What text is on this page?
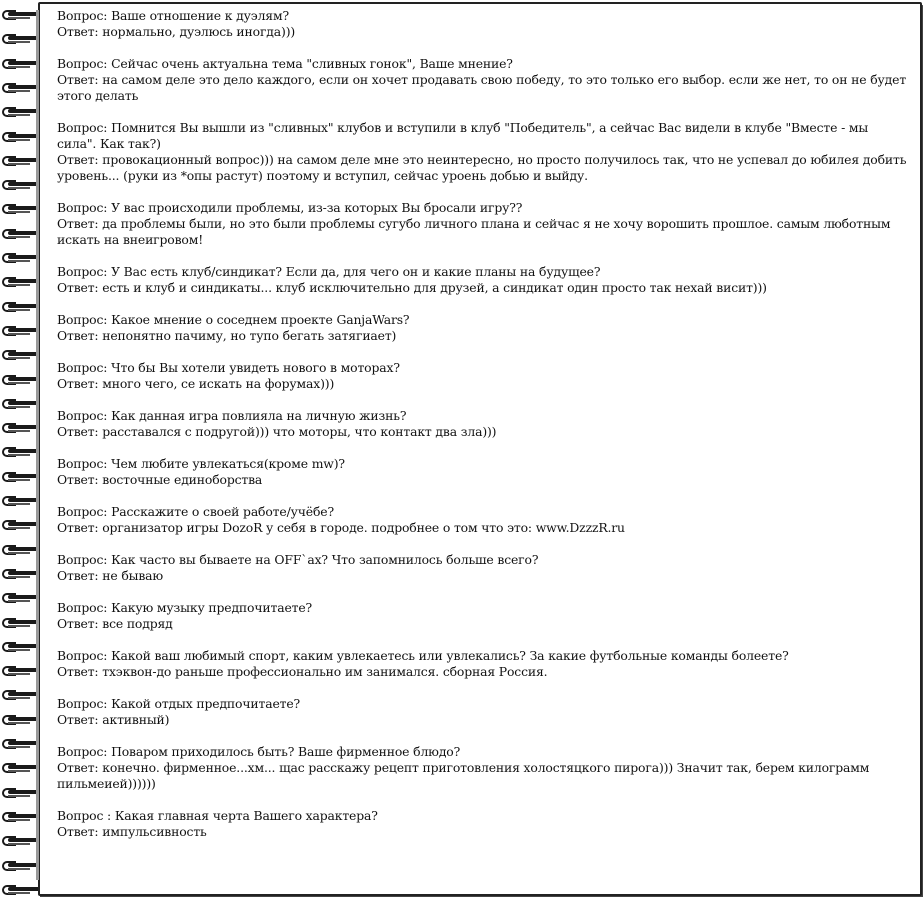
Вопрос: Ваше отношение к дуэлям?

Ответ: нормально, дуэлюсь иногда)))

Вопрос: Сейчас очень актуальна тема "сливных гонок", Ваше мнение?

Ответ: на самом деле это дело каждого, если он хочет продавать свою победу, то это только его выбор. если же нет, то он не будет этого делать

Вопрос: Помнится Вы вышли из "сливных" клубов и вступили в клуб "Победитель", а сейчас Вас видели в клубе "Вместе - мы сила". Как так?)

Ответ: провокационный вопрос))) на самом деле мне это неинтересно, но просто получилось так, что не успевал до юбилея добить уровень... (руки из *опы растут) поэтому и вступил, сейчас уроень добью и выйду.

Вопрос: У вас происходили проблемы, из-за которых Вы бросали игру??

Ответ: да проблемы были, но это были проблемы сугубо личного плана и сейчас я не хочу ворошить прошлое. самым люботным искать на внеигровом!

Вопрос: У Вас есть клуб/синдикат? Если да, для чего он и какие планы на будущее?

Ответ: есть и клуб и синдикаты... клуб исключительно для друзей, а синдикат один просто так нехай висит)))

Вопрос: Какое мнение о соседнем проекте GanjaWars?

Ответ: непонятно пачиму, но тупо бегать затягиает)

Вопрос: Что бы Вы хотели увидеть нового в моторах?

Ответ: много чего, се искать на форумах)))

Вопрос: Как данная игра повлияла на личную жизнь?

Ответ: расставался с подругой))) что моторы, что контакт два зла)))

Вопрос: Чем любите увлекаться(кроме mw)?

Ответ: восточные единоборства

Вопрос: Расскажите о своей работе/учёбе?

Ответ: организатор игры DozoR у себя в городе. подробнее о том что это: www.DzzzR.ru

Вопрос: Как часто вы бываете на OFF`ах? Что запомнилось больше всего?

Ответ: не бываю

Вопрос: Какую музыку предпочитаете?

Ответ: все подряд

Вопрос: Какой ваш любимый спорт, каким увлекаетесь или увлекались? За какие футбольные команды болеете?

Ответ: тхэквон-до раньше профессионально им занимался. сборная Россия.

Вопрос: Какой отдых предпочитаете?

Ответ: активный)

Вопрос: Поваром приходилось быть? Ваше фирменное блюдо?

Ответ: конечно. фирменное...хм... щас расскажу рецепт приготовления холостяцкого пирога))) Значит так, берем килограмм пильмеией))))))

Вопрос : Какая главная черта Вашего характера?

Ответ: импульсивность
